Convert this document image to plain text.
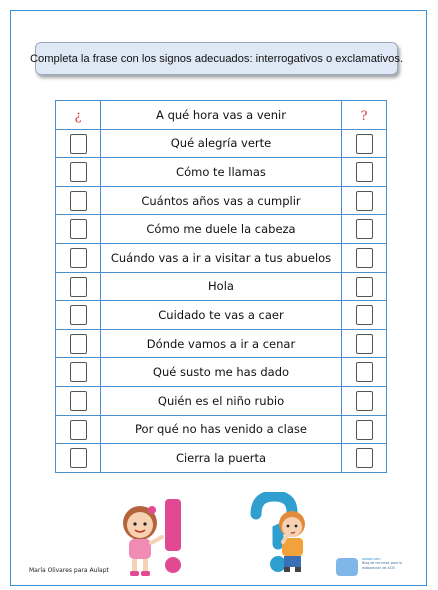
Completa la frase con los signos adecuados: interrogativos o exclamativos.
¿	A qué hora vas a venir	?
	Qué alegría verte	
	Cómo te llamas	
	Cuántos años vas a cumplir	
	Cómo me duele la cabeza	
	Cuándo vas a ir a visitar a tus abuelos	
	Hola	
	Cuidado te vas a caer	
	Dónde vamos a ir a cenar	
	Qué susto me has dado	
	Quién es el niño rubio	
	Por qué no has venido a clase	
	Cierra la puerta	
María Olivares para Aulapt
aulapt.com
Blog de recursos para la elaboración de ACIS
